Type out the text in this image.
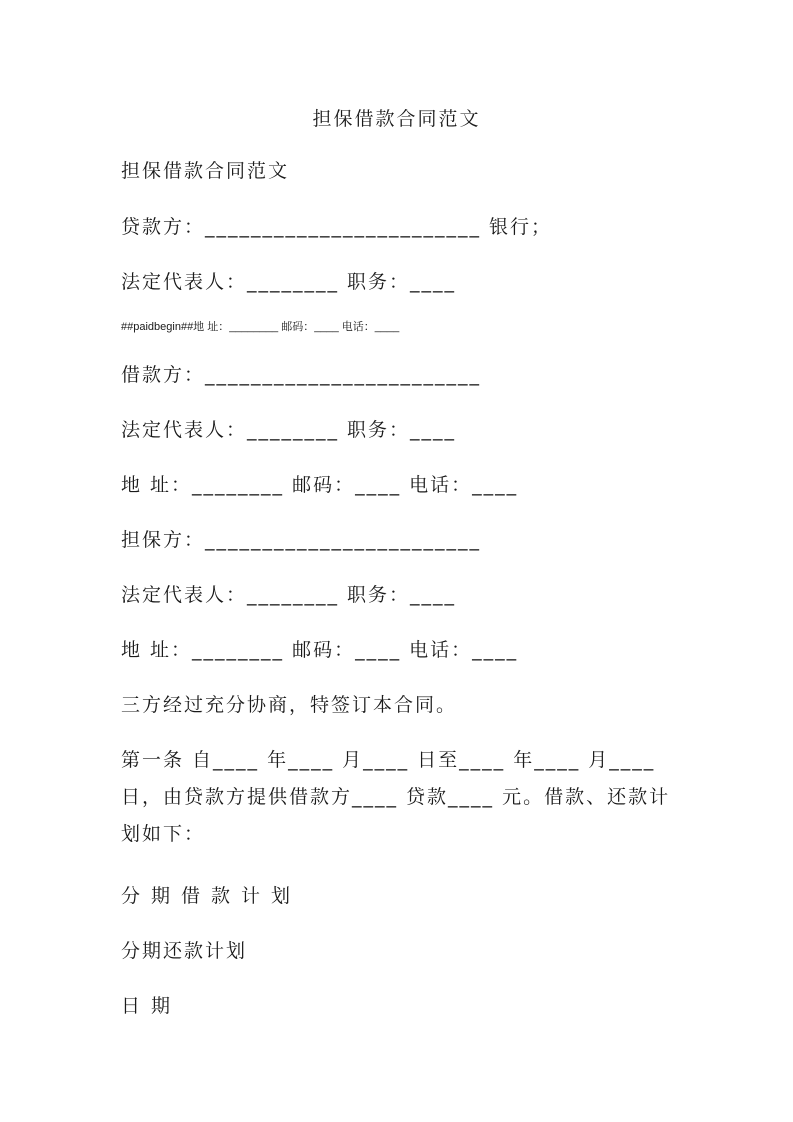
担保借款合同范文
担保借款合同范文
贷款方：________________________ 银行；
法定代表人：________ 职务：____
##paidbegin##地 址：________ 邮码：____ 电话：____
借款方：________________________
法定代表人：________ 职务：____
地 址：________ 邮码：____ 电话：____
担保方：________________________
法定代表人：________ 职务：____
地 址：________ 邮码：____ 电话：____
三方经过充分协商，特签订本合同。
第一条 自____ 年____ 月____ 日至____ 年____ 月____ 日，由贷款方提供借款方____ 贷款____ 元。借款、还款计划如下：
分期借款计划
分期还款计划
日期
